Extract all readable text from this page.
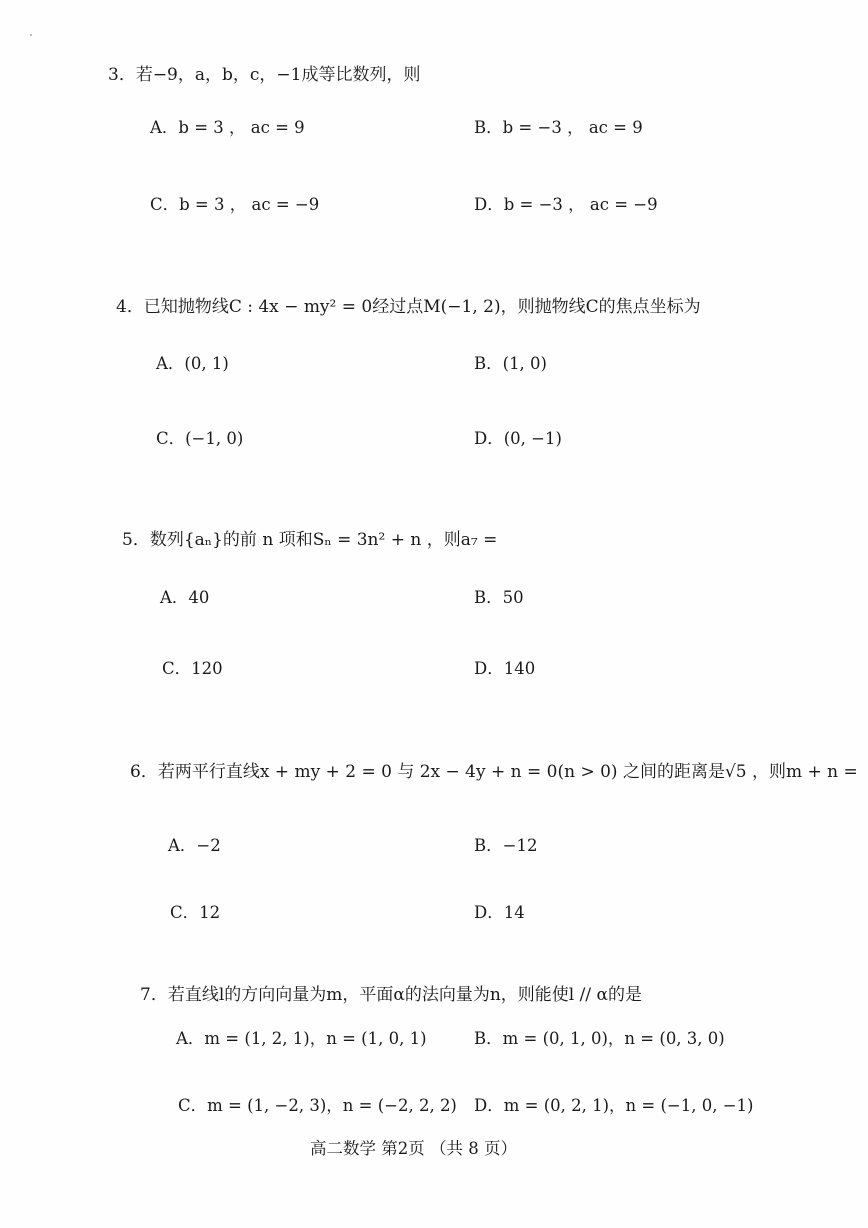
3．若−9，a，b，c，−1成等比数列，则
A．b = 3 ， ac = 9	B．b = −3 ， ac = 9
C．b = 3 ， ac = −9	D．b = −3 ， ac = −9
4．已知抛物线C : 4x − my² = 0经过点M(−1, 2)，则抛物线C的焦点坐标为
A．(0, 1)	B．(1, 0)
C．(−1, 0)	D．(0, −1)
5．数列{aₙ}的前 n 项和Sₙ = 3n² + n ，则a₇ =
A．40	B．50
C．120	D．140
6．若两平行直线x + my + 2 = 0 与 2x − 4y + n = 0(n > 0) 之间的距离是√5 ，则m + n =
A．−2	B．−12
C．12	D．14
7．若直线l的方向向量为m，平面α的法向量为n，则能使l // α的是
A．m = (1, 2, 1)，n = (1, 0, 1)	B．m = (0, 1, 0)，n = (0, 3, 0)
C．m = (1, −2, 3)，n = (−2, 2, 2) D．m = (0, 2, 1)，n = (−1, 0, −1)
高二数学 第2页 （共 8 页）
